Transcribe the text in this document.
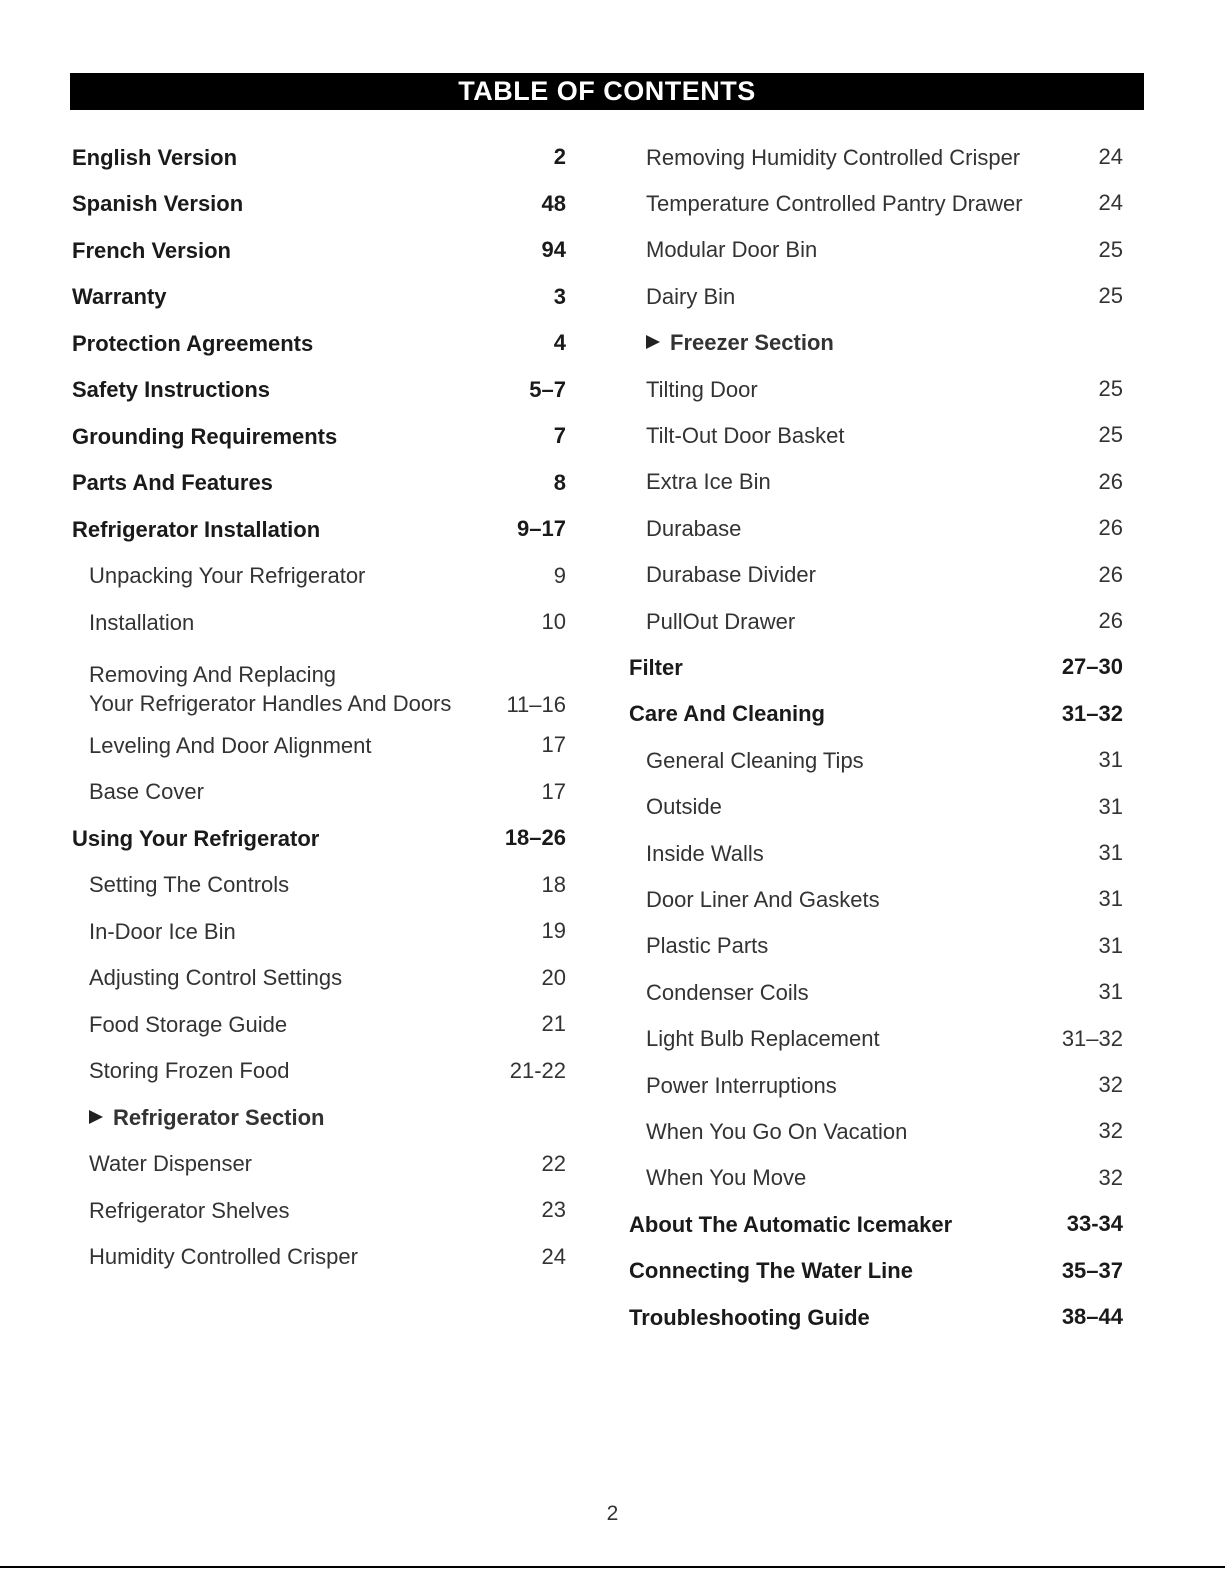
TABLE OF CONTENTS
English Version	2
Spanish Version	48
French Version	94
Warranty	3
Protection Agreements	4
Safety Instructions	5–7
Grounding Requirements	7
Parts And Features	8
Refrigerator Installation	9–17
Unpacking Your Refrigerator	9
Installation	10
Removing And Replacing
Your Refrigerator Handles And Doors	11–16
Leveling And Door Alignment	17
Base Cover	17
Using Your Refrigerator	18–26
Setting The Controls	18
In-Door Ice Bin	19
Adjusting Control Settings	20
Food Storage Guide	21
Storing Frozen Food	21-22
Refrigerator Section
Water Dispenser	22
Refrigerator Shelves	23
Humidity Controlled Crisper	24
Removing Humidity Controlled Crisper	24
Temperature Controlled Pantry Drawer	24
Modular Door Bin	25
Dairy Bin	25
Freezer Section
Tilting Door	25
Tilt-Out Door Basket	25
Extra Ice Bin	26
Durabase	26
Durabase Divider	26
PullOut Drawer	26
Filter	27–30
Care And Cleaning	31–32
General Cleaning Tips	31
Outside	31
Inside Walls	31
Door Liner And Gaskets	31
Plastic Parts	31
Condenser Coils	31
Light Bulb Replacement	31–32
Power Interruptions	32
When You Go On Vacation	32
When You Move	32
About The Automatic Icemaker	33-34
Connecting The Water Line	35–37
Troubleshooting Guide	38–44
2
